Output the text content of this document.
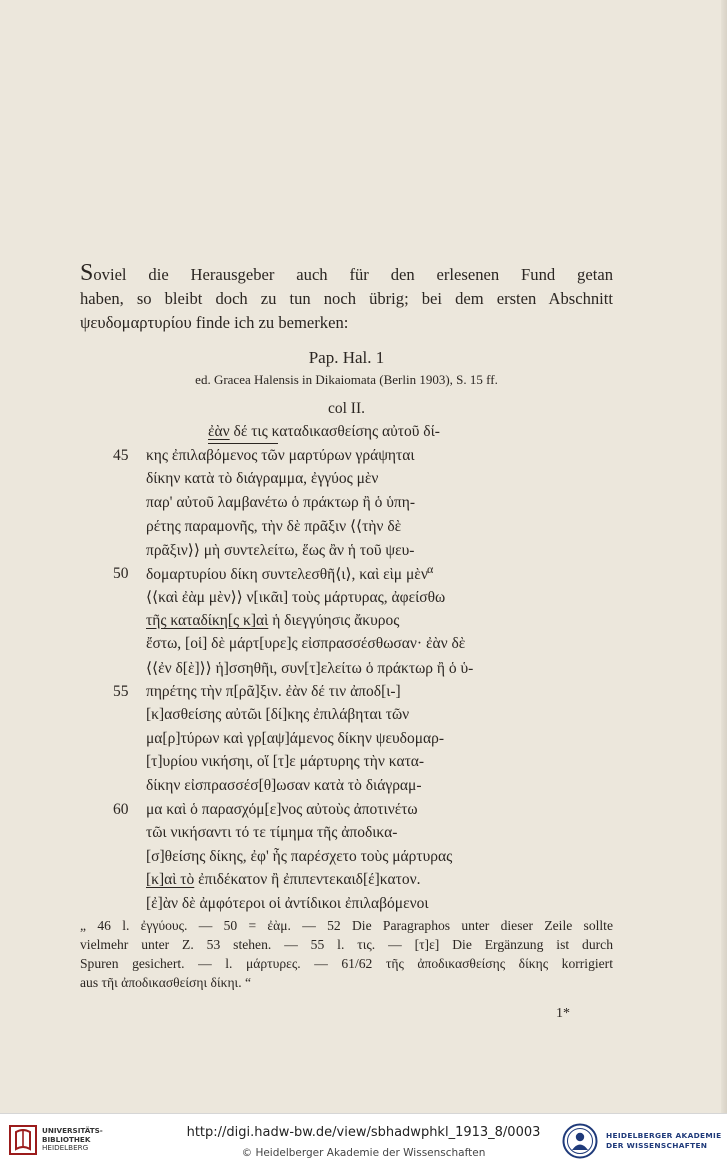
Soviel die Herausgeber auch für den erlesenen Fund getan

haben, so bleibt doch zu tun noch übrig; bei dem ersten Abschnitt

ψευδομαρτυρίου finde ich zu bemerken:

Pap. Hal. 1
ed. Gracea Halensis in Dikaiomata (Berlin 1903), S. 15 ff.
col II.
ἐὰν δέ τις καταδικασθείσης αὐτοῦ δί-
κης ἐπιλαβόμενος τῶν μαρτύρων γράψηται
45
δίκην κατὰ τὸ διάγραμμα, ἐγγύος μὲν
παρ' αὐτοῦ λαμβανέτω ὁ πράκτωρ ἢ ὁ ὑπη-
ρέτης παραμονῆς, τὴν δὲ πρᾶξιν ⟨⟨τὴν δὲ
πρᾶξιν⟩⟩ μὴ συντελείτω, ἕως ἂν ἡ τοῦ ψευ-
δομαρτυρίου δίκη συντελεσθῆ⟨ι⟩, καὶ εὶμ μὲν
50
⟨⟨καὶ ἐὰμ μὲν⟩⟩ ν[ικᾶι] τοὺς μάρτυρας, ἀφείσθω
τῆς καταδίκη[ς κ]αὶ ἡ διεγγύησις ἄκυρος
ἔστω, [οἱ] δὲ μάρτ[υρε]ς εἰσπρασσέσθωσαν· ἐὰν δὲ
⟨⟨ἐν δ[ὲ]⟩⟩ ἡ]σσηθῆι, συν[τ]ελείτω ὁ πράκτωρ ἢ ὁ ὑ-
πηρέτης τὴν π[ρᾶ]ξιν. ἐὰν δέ τιν ἀποδ[ι-]
55
[κ]ασθείσης αὐτῶι [δί]κης ἐπιλάβηται τῶν
μα[ρ]τύρων καὶ γρ[αψ]άμενος δίκην ψευδομαρ-
[τ]υρίου νικήσηι, οἵ [τ]ε μάρτυρης τὴν κατα-
δίκην εἰσπρασσέσ[θ]ωσαν κατὰ τὸ διάγραμ-
μα καὶ ὁ παρασχόμ[ε]νος αὐτοὺς ἀποτινέτω
60
τῶι νικήσαντι τό τε τίμημα τῆς ἀποδικα-
[σ]θείσης δίκης, ἐφ' ἧς παρέσχετο τοὺς μάρτυρας
[κ]αὶ τὸ ἐπιδέκατον ἢ ἐπιπεντεκαιδ[έ]κατον.
[ἐ]ὰν δὲ ἀμφότεροι οἱ ἀντίδικοι ἐπιλαβόμενοι
α

„ 46 l. ἐγγύους. — 50 = ἐὰμ. — 52 Die Paragraphos unter dieser Zeile sollte

vielmehr unter Z. 53 stehen. — 55 l. τις. — [τ]ε] Die Ergänzung ist durch

Spuren gesichert. — l. μάρτυρες. — 61/62 τῆς ἀποδικασθείσης δίκης korrigiert

aus τῆι ἀποδικασθείσηι δίκηι. “

1*
UNIVERSITÄTS-
BIBLIOTHEK
HEIDELBERG
http://digi.hadw-bw.de/view/sbhadwphkl_1913_8/0003
© Heidelberger Akademie der Wissenschaften
HEIDELBERGER AKADEMIE
DER WISSENSCHAFTEN
